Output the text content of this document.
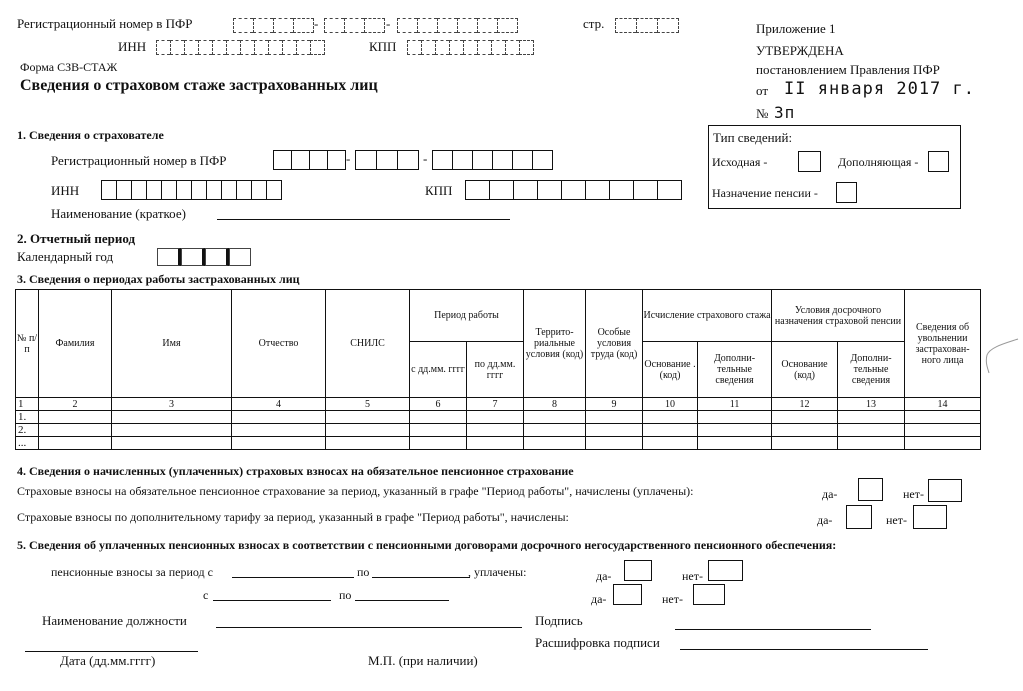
Регистрационный номер в ПФР	-	-	стр.
ИНН	КПП
Форма СЗВ-СТАЖ
Сведения о страховом стаже застрахованных лиц
Приложение 1
УТВЕРЖДЕНА
постановлением Правления ПФР
от II января 2017 г.
№ 3п
Тип сведений:
Исходная -	Дополняющая -
Назначение пенсии -
1. Сведения о страхователе
Регистрационный номер в ПФР	-	-
ИНН	КПП
Наименование (краткое)
2. Отчетный период
Календарный год
3. Сведения о периодах работы застрахованных лиц
№ п/п	Фамилия	Имя	Отчество	СНИЛС	Период работы		Террито- риальные условия (код)	Особые условия труда (код)	Исчисление страхового стажа		Условия досрочного назначения страховой пенсии		Сведения об увольнении застрахован- ного лица
					с дд.мм. гггг	по дд.мм. гггг			Основание . (код)	Дополни- тельные сведения	Основание (код)	Дополни- тельные сведения	
1	2	3	4	5	6	7	8	9	10	11	12	13	14
1.													
2.													
...													
4. Сведения о начисленных (уплаченных) страховых взносах на обязательное пенсионное страхование
Страховые взносы на обязательное пенсионное страхование за период, указанный в графе "Период работы", начислены (уплачены):	да-	нет-
Страховые взносы по дополнительному тарифу за период, указанный в графе "Период работы", начислены:	да-	нет-
5. Сведения об уплаченных пенсионных взносах в соответствии с пенсионными договорами досрочного негосударственного пенсионного обеспечения:
пенсионные взносы за период с	по	, уплачены:	да-	нет-
с	по	да-	нет-
Наименование должности	Подпись
Расшифровка подписи
Дата (дд.мм.гггг)	М.П. (при наличии)
